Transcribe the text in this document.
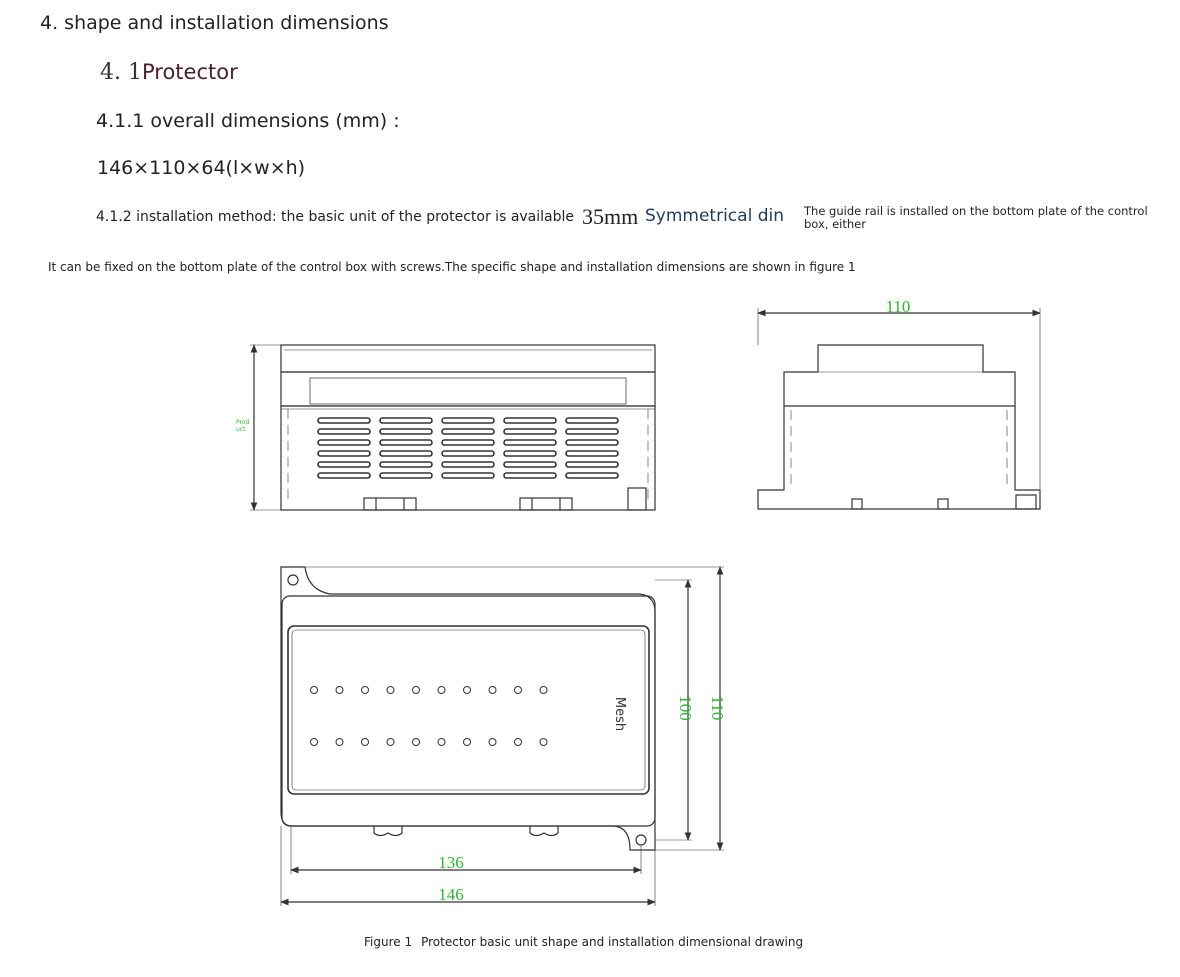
4. shape and installation dimensions
4. 1Protector
4.1.1 overall dimensions (mm) :
146×110×64(l×w×h)
4.1.2 installation method: the basic unit of the protector is available 35mm Symmetrical din The guide rail is installed on the bottom plate of the control box, either
It can be fixed on the bottom plate of the control box with screws.The specific shape and installation dimensions are shown in figure 1
Prod
uct
110
Mesh	100 110
136
146
Figure 1 Protector basic unit shape and installation dimensional drawing
